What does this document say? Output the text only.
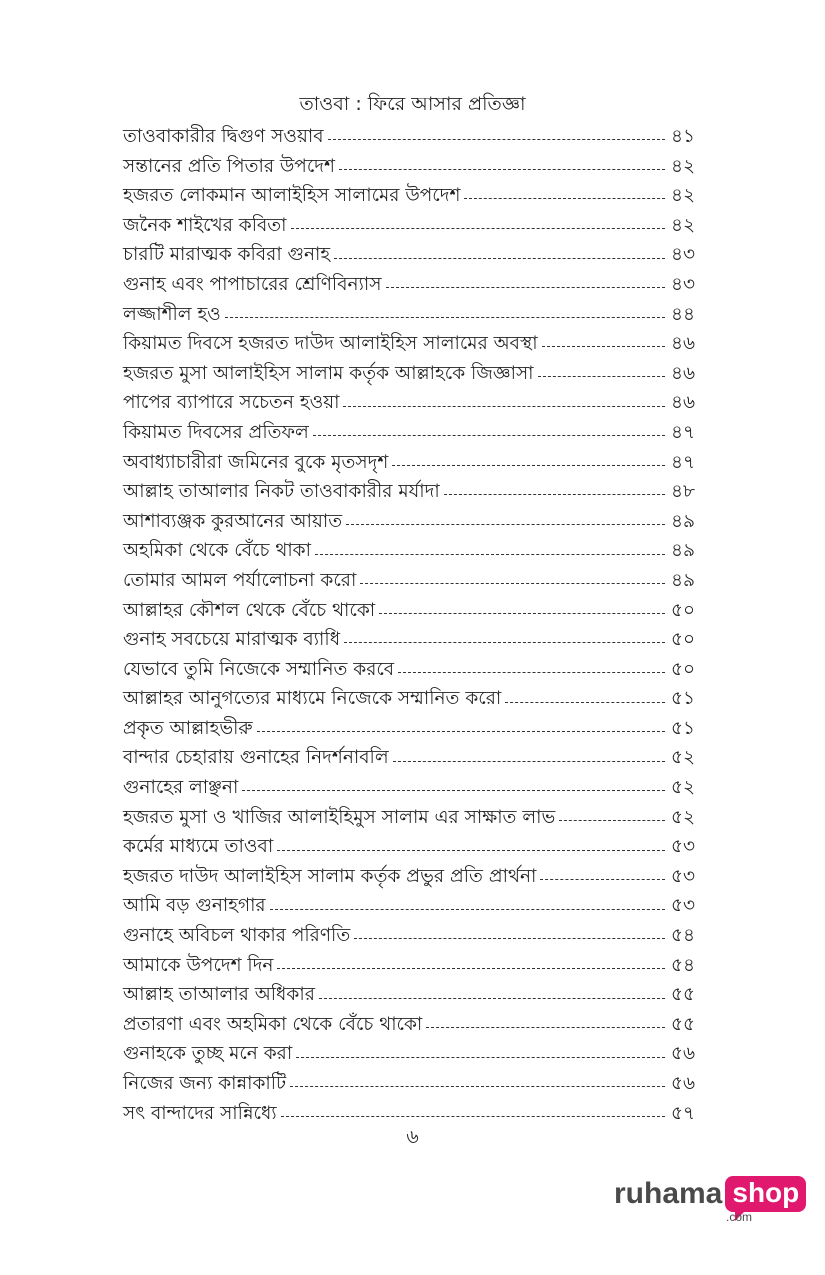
তাওবা : ফিরে আসার প্রতিজ্ঞা
তাওবাকারীর দ্বিগুণ সওয়াব	৪১
সন্তানের প্রতি পিতার উপদেশ	৪২
হজরত লোকমান আলাইহিস সালামের উপদেশ	৪২
জনৈক শাইখের কবিতা	৪২
চারটি মারাত্মক কবিরা গুনাহ	৪৩
গুনাহ এবং পাপাচারের শ্রেণিবিন্যাস	৪৩
লজ্জাশীল হও	৪৪
কিয়ামত দিবসে হজরত দাউদ আলাইহিস সালামের অবস্থা	৪৬
হজরত মুসা আলাইহিস সালাম কর্তৃক আল্লাহকে জিজ্ঞাসা	৪৬
পাপের ব্যাপারে সচেতন হওয়া	৪৬
কিয়ামত দিবসের প্রতিফল	৪৭
অবাধ্যাচারীরা জমিনের বুকে মৃতসদৃশ	৪৭
আল্লাহ তাআলার নিকট তাওবাকারীর মর্যাদা	৪৮
আশাব্যঞ্জক কুরআনের আয়াত	৪৯
অহমিকা থেকে বেঁচে থাকা	৪৯
তোমার আমল পর্যালোচনা করো	৪৯
আল্লাহর কৌশল থেকে বেঁচে থাকো	৫০
গুনাহ সবচেয়ে মারাত্মক ব্যাধি	৫০
যেভাবে তুমি নিজেকে সম্মানিত করবে	৫০
আল্লাহর আনুগত্যের মাধ্যমে নিজেকে সম্মানিত করো	৫১
প্রকৃত আল্লাহভীরু	৫১
বান্দার চেহারায় গুনাহের নিদর্শনাবলি	৫২
গুনাহের লাঞ্ছনা	৫২
হজরত মুসা ও খাজির আলাইহিমুস সালাম এর সাক্ষাত লাভ	৫২
কর্মের মাধ্যমে তাওবা	৫৩
হজরত দাউদ আলাইহিস সালাম কর্তৃক প্রভুর প্রতি প্রার্থনা	৫৩
আমি বড় গুনাহগার	৫৩
গুনাহে অবিচল থাকার পরিণতি	৫৪
আমাকে উপদেশ দিন	৫৪
আল্লাহ তাআলার অধিকার	৫৫
প্রতারণা এবং অহমিকা থেকে বেঁচে থাকো	৫৫
গুনাহকে তুচ্ছ মনে করা	৫৬
নিজের জন্য কান্নাকাটি	৫৬
সৎ বান্দাদের সান্নিধ্যে	৫৭
৬
ruhama shop
.com
